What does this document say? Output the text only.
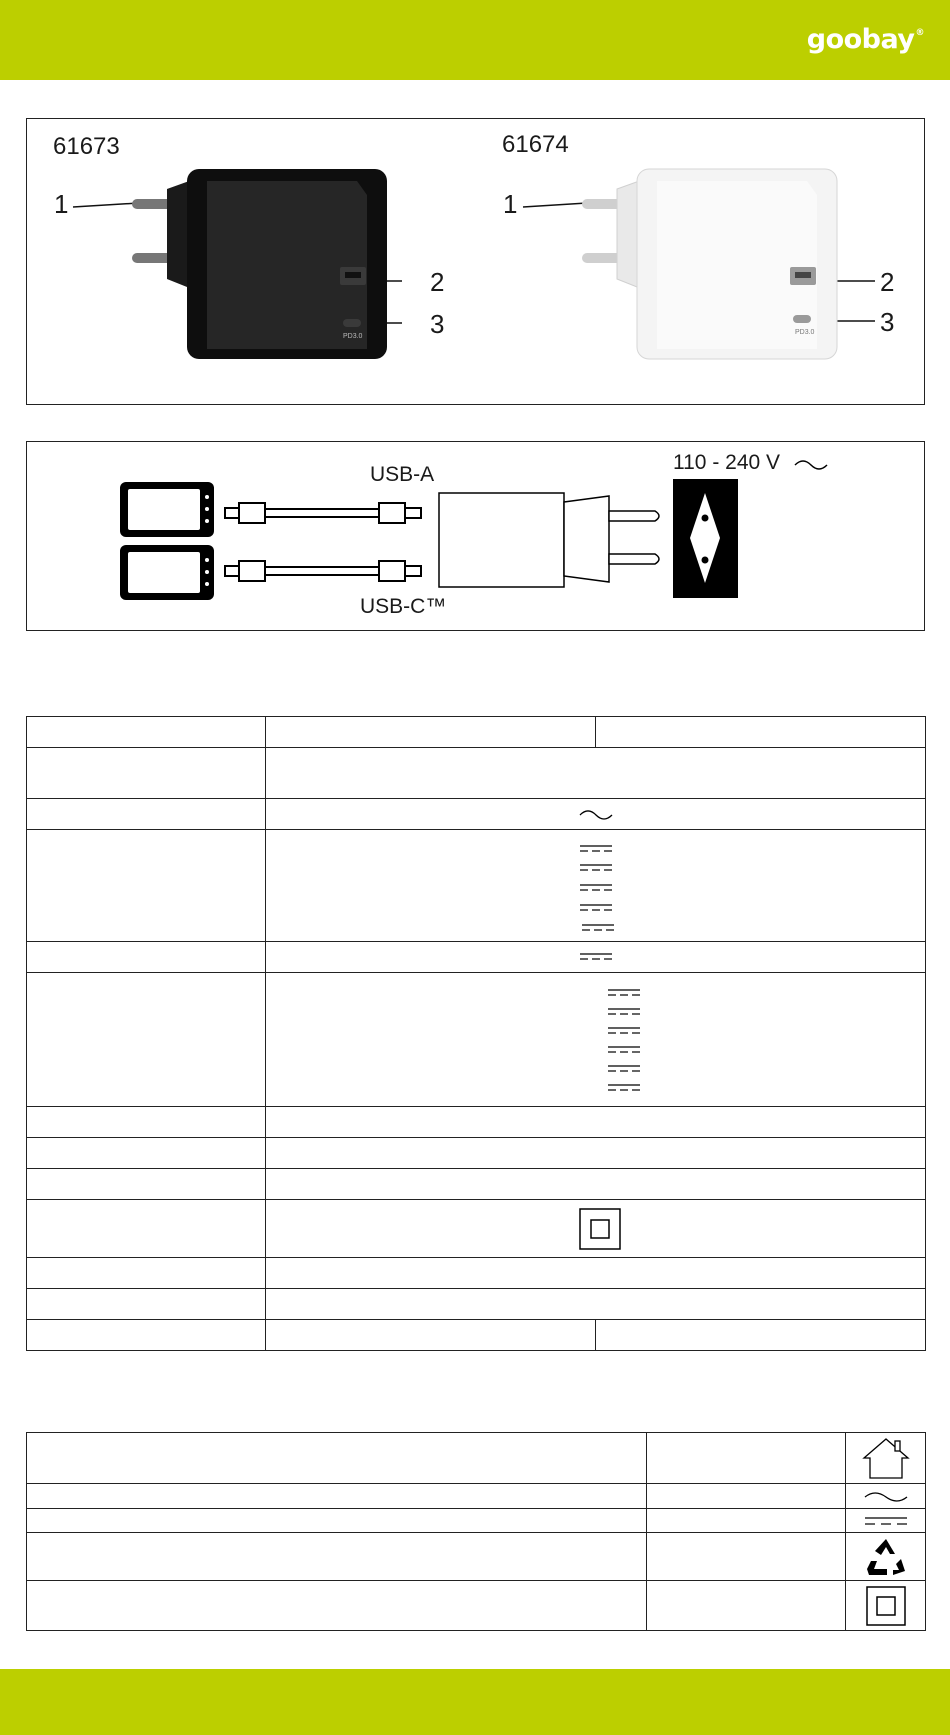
goobay®
61673	61674
1
2
3
1
2
3
PD3.0
PD3.0
USB-A
USB-C™
110 - 240 V
